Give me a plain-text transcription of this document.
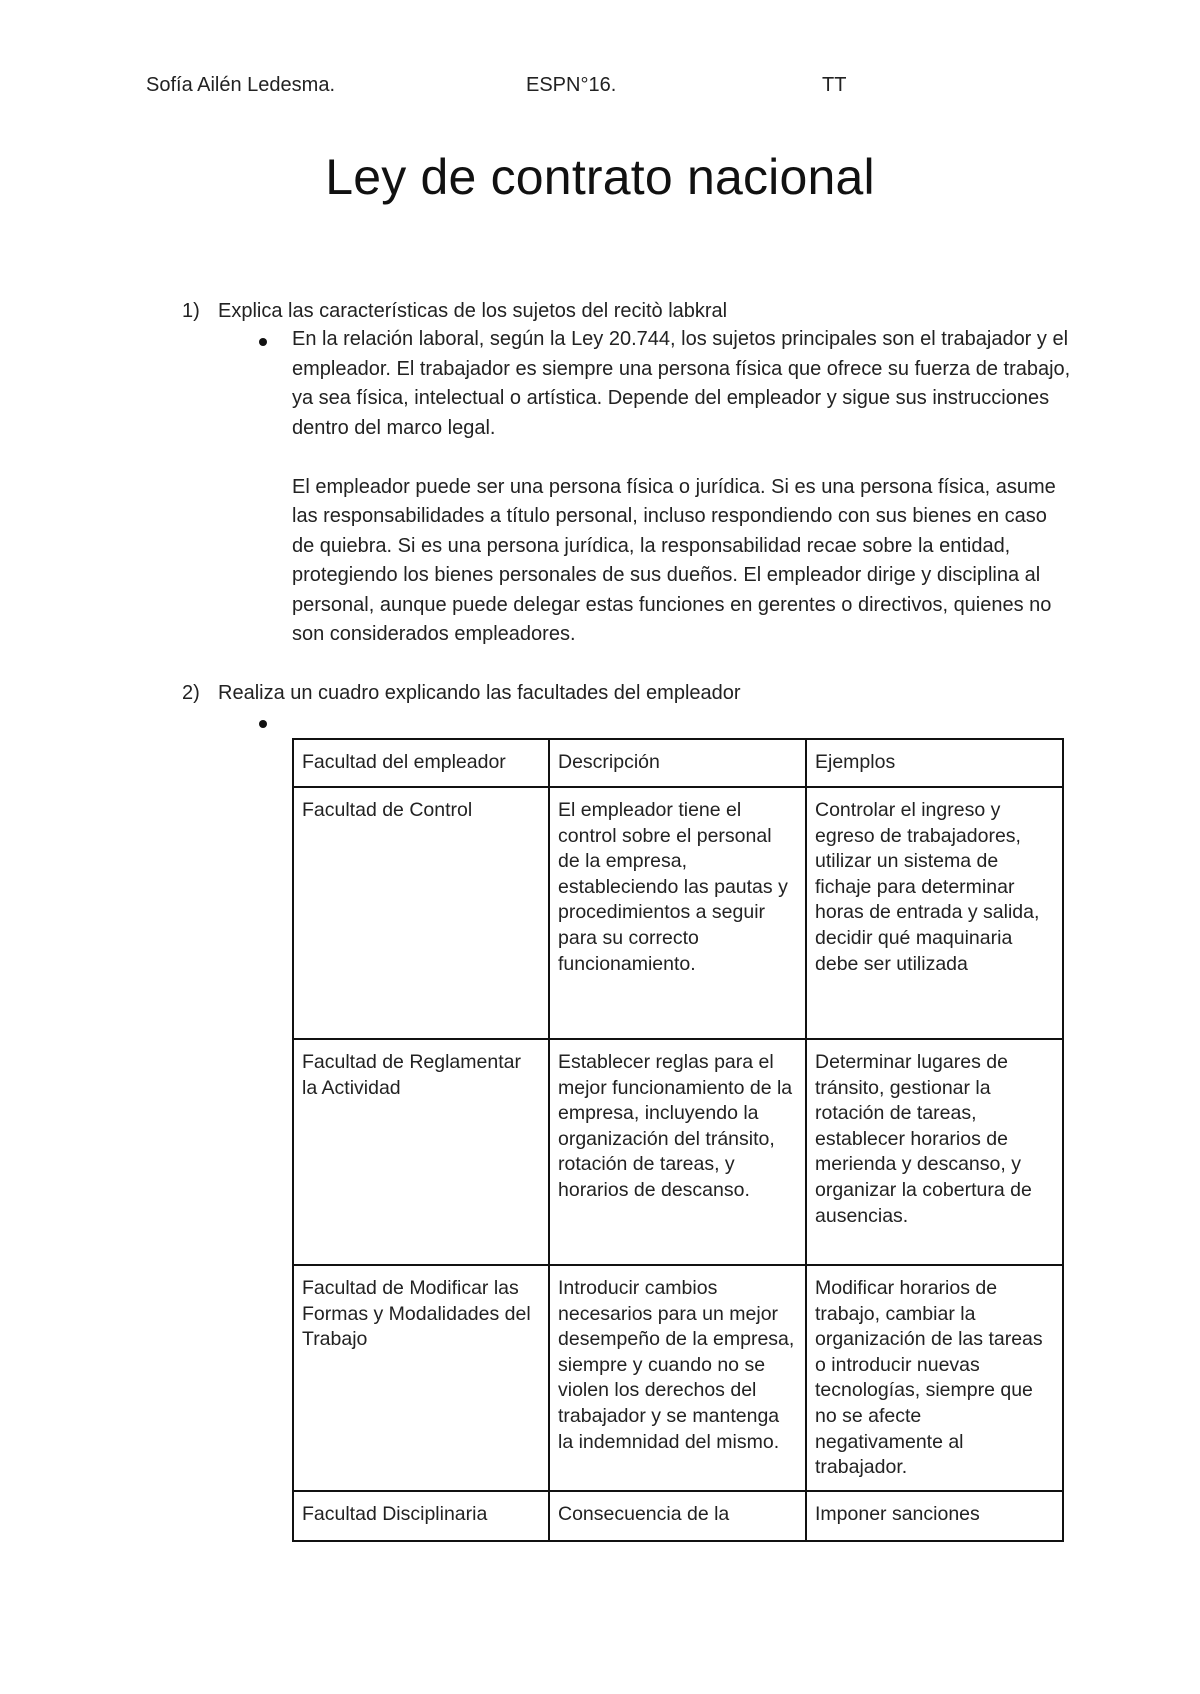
Sofía Ailén Ledesma.	ESPN°16.	TT
Ley de contrato nacional
1) Explica las características de los sujetos del recitò labkral

En la relación laboral, según la Ley 20.744, los sujetos principales son el trabajador y el empleador. El trabajador es siempre una persona física que ofrece su fuerza de trabajo, ya sea física, intelectual o artística. Depende del empleador y sigue sus instrucciones dentro del marco legal.

El empleador puede ser una persona física o jurídica. Si es una persona física, asume las responsabilidades a título personal, incluso respondiendo con sus bienes en caso de quiebra. Si es una persona jurídica, la responsabilidad recae sobre la entidad, protegiendo los bienes personales de sus dueños. El empleador dirige y disciplina al personal, aunque puede delegar estas funciones en gerentes o directivos, quienes no son considerados empleadores.

2) Realiza un cuadro explicando las facultades del empleador
Facultad del empleador	Descripción	Ejemplos
Facultad de Control	El empleador tiene el control sobre el personal de la empresa, estableciendo las pautas y procedimientos a seguir para su correcto funcionamiento.	Controlar el ingreso y egreso de trabajadores, utilizar un sistema de fichaje para determinar horas de entrada y salida, decidir qué maquinaria debe ser utilizada
Facultad de Reglamentar la Actividad	Establecer reglas para el mejor funcionamiento de la empresa, incluyendo la organización del tránsito, rotación de tareas, y horarios de descanso.	Determinar lugares de tránsito, gestionar la rotación de tareas, establecer horarios de merienda y descanso, y organizar la cobertura de ausencias.
Facultad de Modificar las Formas y Modalidades del Trabajo	Introducir cambios necesarios para un mejor desempeño de la empresa, siempre y cuando no se violen los derechos del trabajador y se mantenga la indemnidad del mismo.	Modificar horarios de trabajo, cambiar la organización de las tareas o introducir nuevas tecnologías, siempre que no se afecte negativamente al trabajador.
Facultad Disciplinaria	Consecuencia de la	Imponer sanciones
